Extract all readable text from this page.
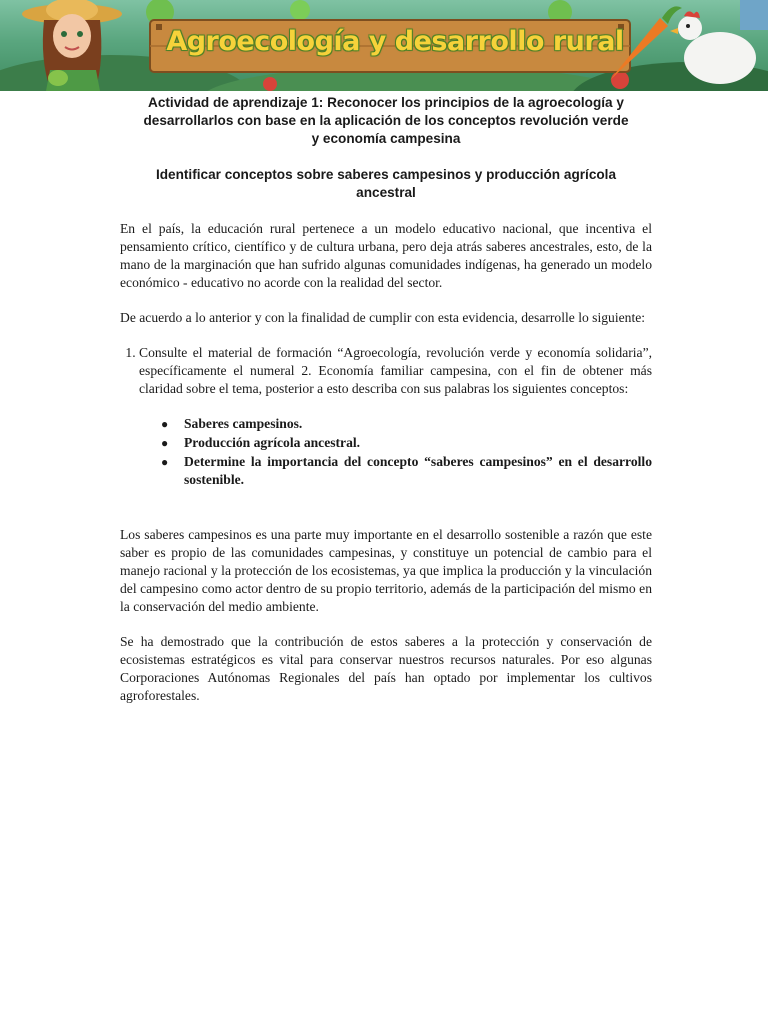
Agroecología y desarrollo rural
Actividad de aprendizaje 1: Reconocer los principios de la agroecología y desarrollarlos con base en la aplicación de los conceptos revolución verde y economía campesina
Identificar conceptos sobre saberes campesinos y producción agrícola ancestral

En el país, la educación rural pertenece a un modelo educativo nacional, que incentiva el pensamiento crítico, científico y de cultura urbana, pero deja atrás saberes ancestrales, esto, de la mano de la marginación que han sufrido algunas comunidades indígenas, ha generado un modelo económico - educativo no acorde con la realidad del sector.

De acuerdo a lo anterior y con la finalidad de cumplir con esta evidencia, desarrolle lo siguiente:

1. Consulte el material de formación “Agroecología, revolución verde y economía solidaria”, específicamente el numeral 2. Economía familiar campesina, con el fin de obtener más claridad sobre el tema, posterior a esto describa con sus palabras los siguientes conceptos:
● Saberes campesinos.
● Producción agrícola ancestral.
● Determine la importancia del concepto “saberes campesinos” en el desarrollo sostenible.

Los saberes campesinos es una parte muy importante en el desarrollo sostenible a razón que este saber es propio de las comunidades campesinas, y constituye un potencial de cambio para el manejo racional y la protección de los ecosistemas, ya que implica la producción y la vinculación del campesino como actor dentro de su propio territorio, además de la participación del mismo en la conservación del medio ambiente.

Se ha demostrado que la contribución de estos saberes a la protección y conservación de ecosistemas estratégicos es vital para conservar nuestros recursos naturales. Por eso algunas Corporaciones Autónomas Regionales del país han optado por implementar los cultivos agroforestales.
